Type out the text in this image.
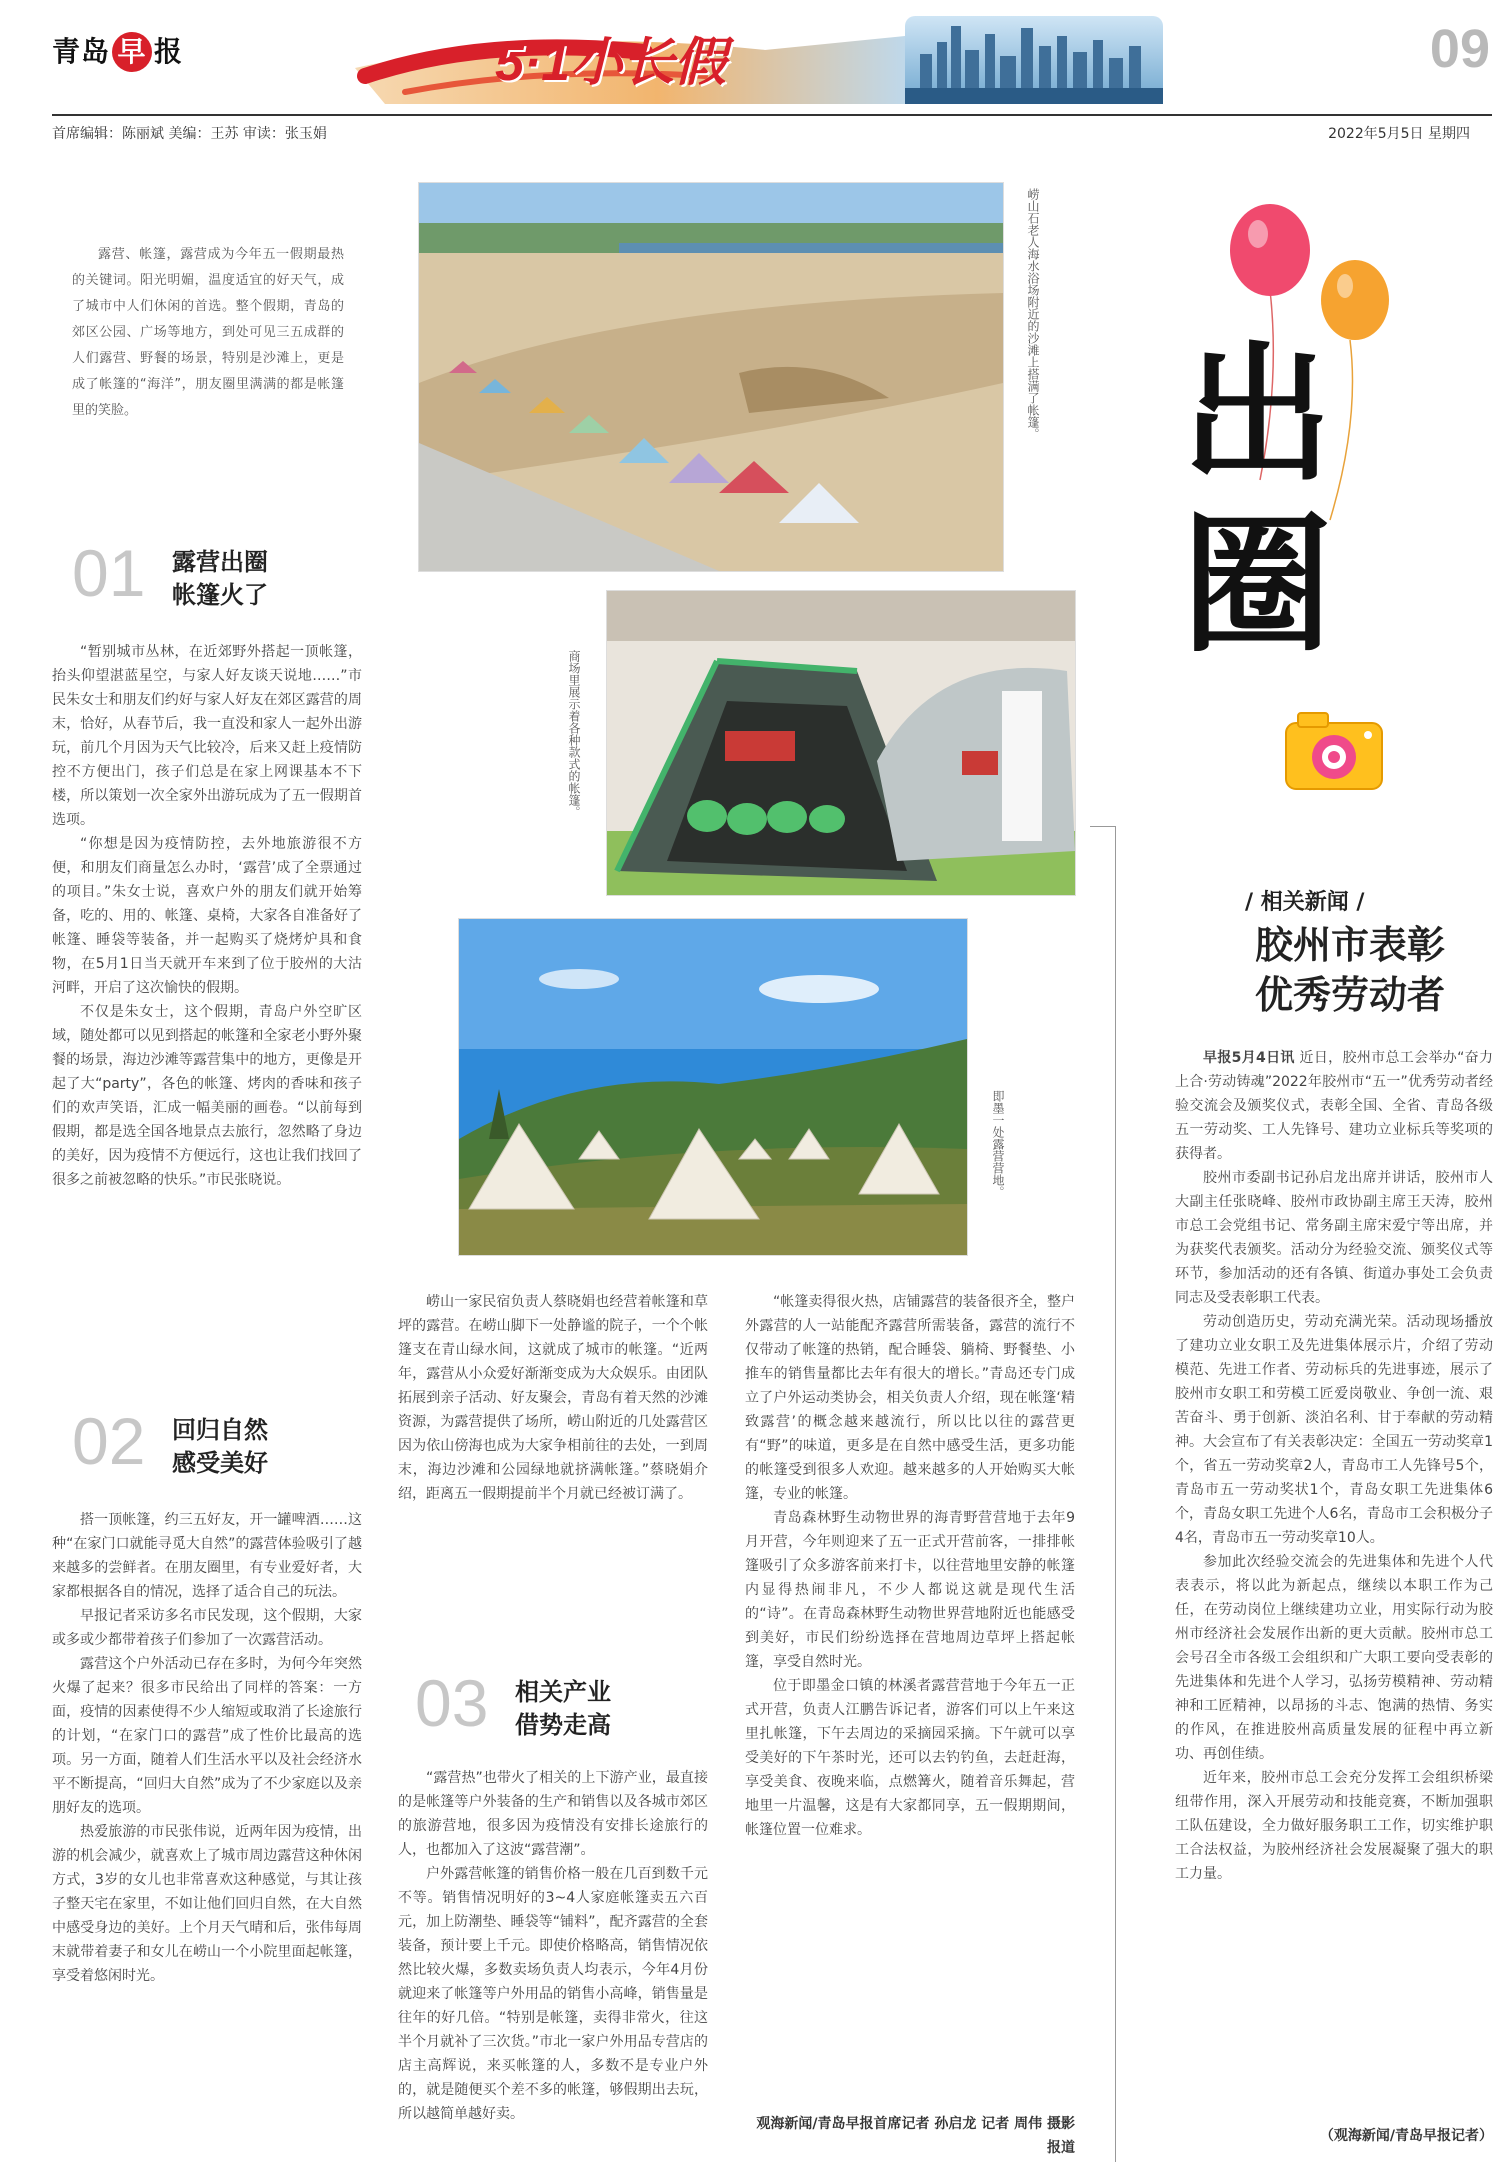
青岛 早 报	5·1小长假	09
首席编辑：陈丽斌 美编：王苏 审读：张玉娟	2022年5月5日 星期四

露营、帐篷，露营成为今年五一假期最热的关键词。阳光明媚，温度适宜的好天气，成了城市中人们休闲的首选。整个假期，青岛的郊区公园、广场等地方，到处可见三五成群的人们露营、野餐的场景，特别是沙滩上，更是成了帐篷的“海洋”，朋友圈里满满的都是帐篷里的笑脸。

01 露营出圈
帐篷火了

“暂别城市丛林，在近郊野外搭起一顶帐篷，抬头仰望湛蓝星空，与家人好友谈天说地……”市民朱女士和朋友们约好与家人好友在郊区露营的周末，恰好，从春节后，我一直没和家人一起外出游玩，前几个月因为天气比较冷，后来又赶上疫情防控不方便出门，孩子们总是在家上网课基本不下楼，所以策划一次全家外出游玩成为了五一假期首选项。

“你想是因为疫情防控，去外地旅游很不方便，和朋友们商量怎么办时，‘露营’成了全票通过的项目。”朱女士说，喜欢户外的朋友们就开始筹备，吃的、用的、帐篷、桌椅，大家各自准备好了帐篷、睡袋等装备，并一起购买了烧烤炉具和食物，在5月1日当天就开车来到了位于胶州的大沽河畔，开启了这次愉快的假期。

不仅是朱女士，这个假期，青岛户外空旷区域，随处都可以见到搭起的帐篷和全家老小野外聚餐的场景，海边沙滩等露营集中的地方，更像是开起了大“party”，各色的帐篷、烤肉的香味和孩子们的欢声笑语，汇成一幅美丽的画卷。“以前每到假期，都是选全国各地景点去旅行，忽然略了身边的美好，因为疫情不方便远行，这也让我们找回了很多之前被忽略的快乐。”市民张晓说。

02 回归自然
感受美好

搭一顶帐篷，约三五好友，开一罐啤酒……这种“在家门口就能寻觅大自然”的露营体验吸引了越来越多的尝鲜者。在朋友圈里，有专业爱好者，大家都根据各自的情况，选择了适合自己的玩法。

早报记者采访多名市民发现，这个假期，大家或多或少都带着孩子们参加了一次露营活动。

露营这个户外活动已存在多时，为何今年突然火爆了起来？很多市民给出了同样的答案：一方面，疫情的因素使得不少人缩短或取消了长途旅行的计划，“在家门口的露营”成了性价比最高的选项。另一方面，随着人们生活水平以及社会经济水平不断提高，“回归大自然”成为了不少家庭以及亲朋好友的选项。

热爱旅游的市民张伟说，近两年因为疫情，出游的机会减少，就喜欢上了城市周边露营这种休闲方式，3岁的女儿也非常喜欢这种感觉，与其让孩子整天宅在家里，不如让他们回归自然，在大自然中感受身边的美好。上个月天气晴和后，张伟每周末就带着妻子和女儿在崂山一个小院里面起帐篷，享受着悠闲时光。

崂山一家民宿负责人蔡晓娟也经营着帐篷和草坪的露营。在崂山脚下一处静谧的院子，一个个帐篷支在青山绿水间，这就成了城市的帐篷。“近两年，露营从小众爱好渐渐变成为大众娱乐。由团队拓展到亲子活动、好友聚会，青岛有着天然的沙滩资源，为露营提供了场所，崂山附近的几处露营区因为依山傍海也成为大家争相前往的去处，一到周末，海边沙滩和公园绿地就挤满帐篷。”蔡晓娟介绍，距离五一假期提前半个月就已经被订满了。

03 相关产业
借势走高

“露营热”也带火了相关的上下游产业，最直接的是帐篷等户外装备的生产和销售以及各城市郊区的旅游营地，很多因为疫情没有安排长途旅行的人，也都加入了这波“露营潮”。

户外露营帐篷的销售价格一般在几百到数千元不等。销售情况明好的3~4人家庭帐篷卖五六百元，加上防潮垫、睡袋等“铺料”，配齐露营的全套装备，预计要上千元。即使价格略高，销售情况依然比较火爆，多数卖场负责人均表示，今年4月份就迎来了帐篷等户外用品的销售小高峰，销售量是往年的好几倍。“特别是帐篷，卖得非常火，往这半个月就补了三次货。”市北一家户外用品专营店的店主高辉说，来买帐篷的人，多数不是专业户外的，就是随便买个差不多的帐篷，够假期出去玩，所以越简单越好卖。

“帐篷卖得很火热，店铺露营的装备很齐全，整户外露营的人一站能配齐露营所需装备，露营的流行不仅带动了帐篷的热销，配合睡袋、躺椅、野餐垫、小推车的销售量都比去年有很大的增长。”青岛还专门成立了户外运动类协会，相关负责人介绍，现在帐篷‘精致露营’的概念越来越流行，所以比以往的露营更有“野”的味道，更多是在自然中感受生活，更多功能的帐篷受到很多人欢迎。越来越多的人开始购买大帐篷，专业的帐篷。

青岛森林野生动物世界的海青野营营地于去年9月开营，今年则迎来了五一正式开营前客，一排排帐篷吸引了众多游客前来打卡，以往营地里安静的帐篷内显得热闹非凡，不少人都说这就是现代生活的“诗”。在青岛森林野生动物世界营地附近也能感受到美好，市民们纷纷选择在营地周边草坪上搭起帐篷，享受自然时光。

位于即墨金口镇的林溪者露营营地于今年五一正式开营，负责人江鹏告诉记者，游客们可以上午来这里扎帐篷，下午去周边的采摘园采摘。下午就可以享受美好的下午茶时光，还可以去钓钓鱼，去赶赶海，享受美食、夜晚来临，点燃篝火，随着音乐舞起，营地里一片温馨，这是有大家都同享，五一假期期间，帐篷位置一位难求。

观海新闻/青岛早报首席记者 孙启龙 记者 周伟 摄影报道
崂山石老人海水浴场附近的沙滩上搭满了帐篷。
商场里展示着各种款式的帐篷。
即墨一处露营营地。
出
圈
/ 相关新闻 /
胶州市表彰
优秀劳动者

早报5月4日讯 近日，胶州市总工会举办“奋力上合·劳动铸魂”2022年胶州市“五一”优秀劳动者经验交流会及颁奖仪式，表彰全国、全省、青岛各级五一劳动奖、工人先锋号、建功立业标兵等奖项的获得者。

胶州市委副书记孙启龙出席并讲话，胶州市人大副主任张晓峰、胶州市政协副主席王天涛，胶州市总工会党组书记、常务副主席宋爱宁等出席，并为获奖代表颁奖。活动分为经验交流、颁奖仪式等环节，参加活动的还有各镇、街道办事处工会负责同志及受表彰职工代表。

劳动创造历史，劳动充满光荣。活动现场播放了建功立业女职工及先进集体展示片，介绍了劳动模范、先进工作者、劳动标兵的先进事迹，展示了胶州市女职工和劳模工匠爱岗敬业、争创一流、艰苦奋斗、勇于创新、淡泊名利、甘于奉献的劳动精神。大会宣布了有关表彰决定：全国五一劳动奖章1个，省五一劳动奖章2人，青岛市工人先锋号5个，青岛市五一劳动奖状1个，青岛女职工先进集体6个，青岛女职工先进个人6名，青岛市工会积极分子4名，青岛市五一劳动奖章10人。

参加此次经验交流会的先进集体和先进个人代表表示，将以此为新起点，继续以本职工作为己任，在劳动岗位上继续建功立业，用实际行动为胶州市经济社会发展作出新的更大贡献。胶州市总工会号召全市各级工会组织和广大职工要向受表彰的先进集体和先进个人学习，弘扬劳模精神、劳动精神和工匠精神，以昂扬的斗志、饱满的热情、务实的作风，在推进胶州高质量发展的征程中再立新功、再创佳绩。

近年来，胶州市总工会充分发挥工会组织桥梁纽带作用，深入开展劳动和技能竞赛，不断加强职工队伍建设，全力做好服务职工工作，切实维护职工合法权益，为胶州经济社会发展凝聚了强大的职工力量。

（观海新闻/青岛早报记者）
